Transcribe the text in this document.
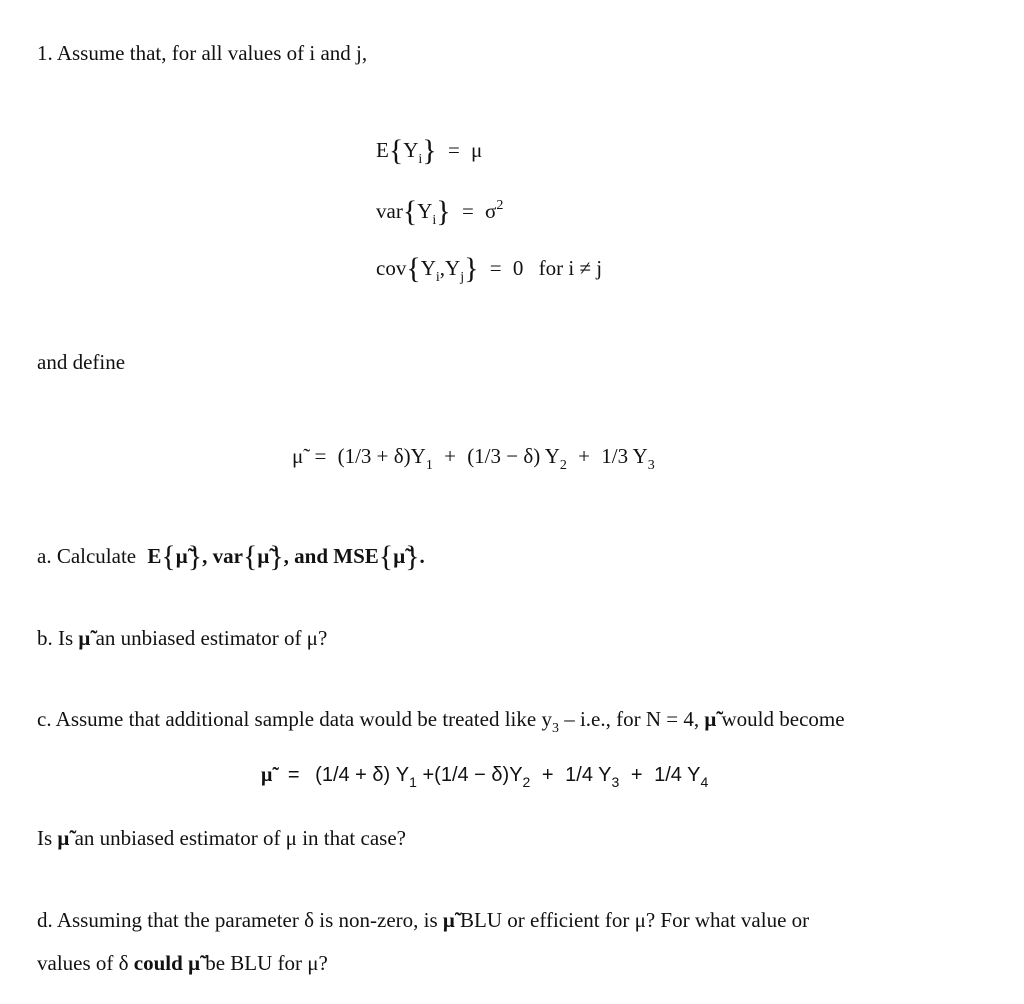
1. Assume that, for all values of i and j,
$E\{Y_i\} = \mu$
$var\{Y_i\} = \sigma^2$
$cov\{Y_i,Y_j\} = 0$ for i ≠ j
and define
μ̃ = $(1/3 + \delta)Y_1 + (1/3 - \delta)$ $Y_2 + 1/3$ $Y_3$
a. Calculate E{μ̃}, var{μ̃}, and MSE{μ̃}.
b. Is μ̃ an unbiased estimator of μ?
c. Assume that additional sample data would be treated like $y_3 - i.e$., for N = 4, μ̃ would become
μ̃ = (1/4 + δ) $Y_1 +(1/4 - \delta)Y_2 + 1/4$ $Y_3 + 1/4$ $Y_4$
Is μ̃ an unbiased estimator of μ in that case?
d. Assuming that the parameter δ is non-zero, is μ̃ BLU or efficient for μ? For what value or
values of δ could μ̃ be BLU for μ?
